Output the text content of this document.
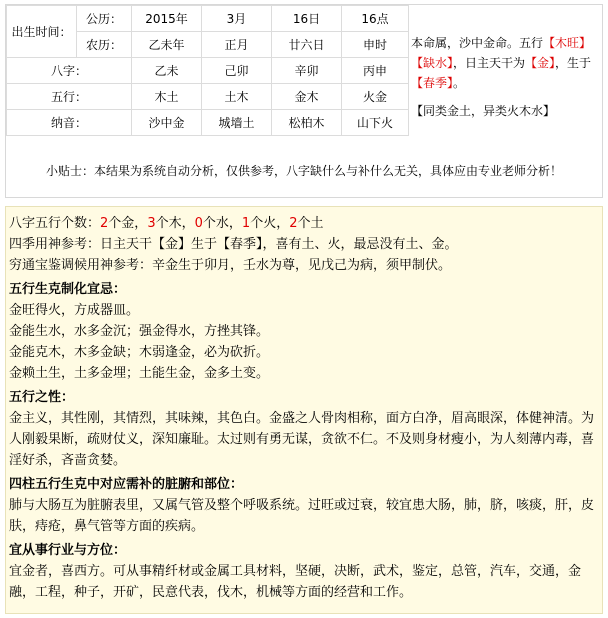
出生时间：	公历：	2015年	3月	16日	16点
	农历：	乙未年	正月	廿六日	申时
八字：		乙未	己卯	辛卯	丙申
五行：		木土	土木	金木	火金
纳音：		沙中金	城墙土	松柏木	山下火

本命属，沙中金命。五行【木旺】【缺水】，日主天干为【金】，生于【春季】。

【同类金土，异类火木水】

小贴士：本结果为系统自动分析，仅供参考，八字缺什么与补什么无关，具体应由专业老师分析！

八字五行个数：2个金，3个木，0个水，1个火，2个土

四季用神参考：日主天干【金】生于【春季】，喜有土、火，最忌没有土、金。

穷通宝鉴调候用神参考：辛金生于卯月，壬水为尊，见戊己为病，须甲制伏。

五行生克制化宜忌：

金旺得火，方成器皿。

金能生水，水多金沉；强金得水，方挫其锋。

金能克木，木多金缺；木弱逢金，必为砍折。

金赖土生，土多金埋；土能生金，金多土变。

五行之性：

金主义，其性刚，其情烈，其味辣，其色白。金盛之人骨肉相称，面方白净，眉高眼深，体健神清。为人刚毅果断，疏财仗义，深知廉耻。太过则有勇无谋，贪欲不仁。不及则身材瘦小，为人刻薄内毒，喜淫好杀，吝啬贪婪。

四柱五行生克中对应需补的脏腑和部位：

肺与大肠互为脏腑表里，又属气管及整个呼吸系统。过旺或过衰，较宜患大肠，肺，脐，咳痰，肝，皮肤，痔疮，鼻气管等方面的疾病。

宜从事行业与方位：

宜金者，喜西方。可从事精纤材或金属工具材料，坚硬，决断，武术，鉴定，总管，汽车，交通，金融，工程，种子，开矿，民意代表，伐木，机械等方面的经营和工作。
